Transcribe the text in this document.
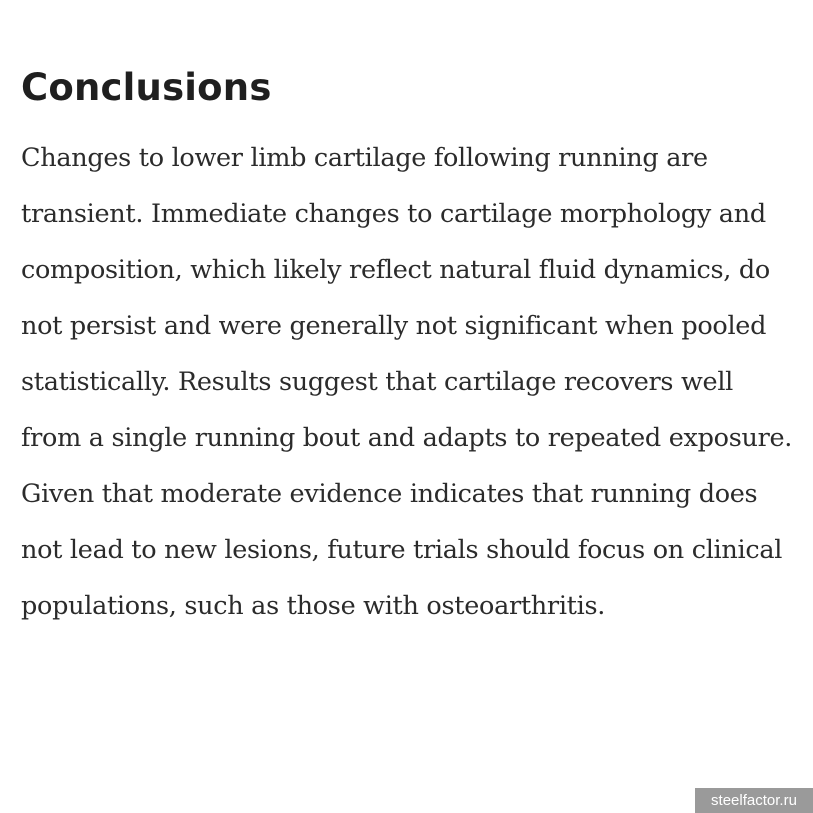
Conclusions

Changes to lower limb cartilage following running are transient. Immediate changes to cartilage morphology and composition, which likely reflect natural fluid dynamics, do not persist and were generally not significant when pooled statistically. Results suggest that cartilage recovers well from a single running bout and adapts to repeated exposure. Given that moderate evidence indicates that running does not lead to new lesions, future trials should focus on clinical populations, such as those with osteoarthritis.

steelfactor.ru
